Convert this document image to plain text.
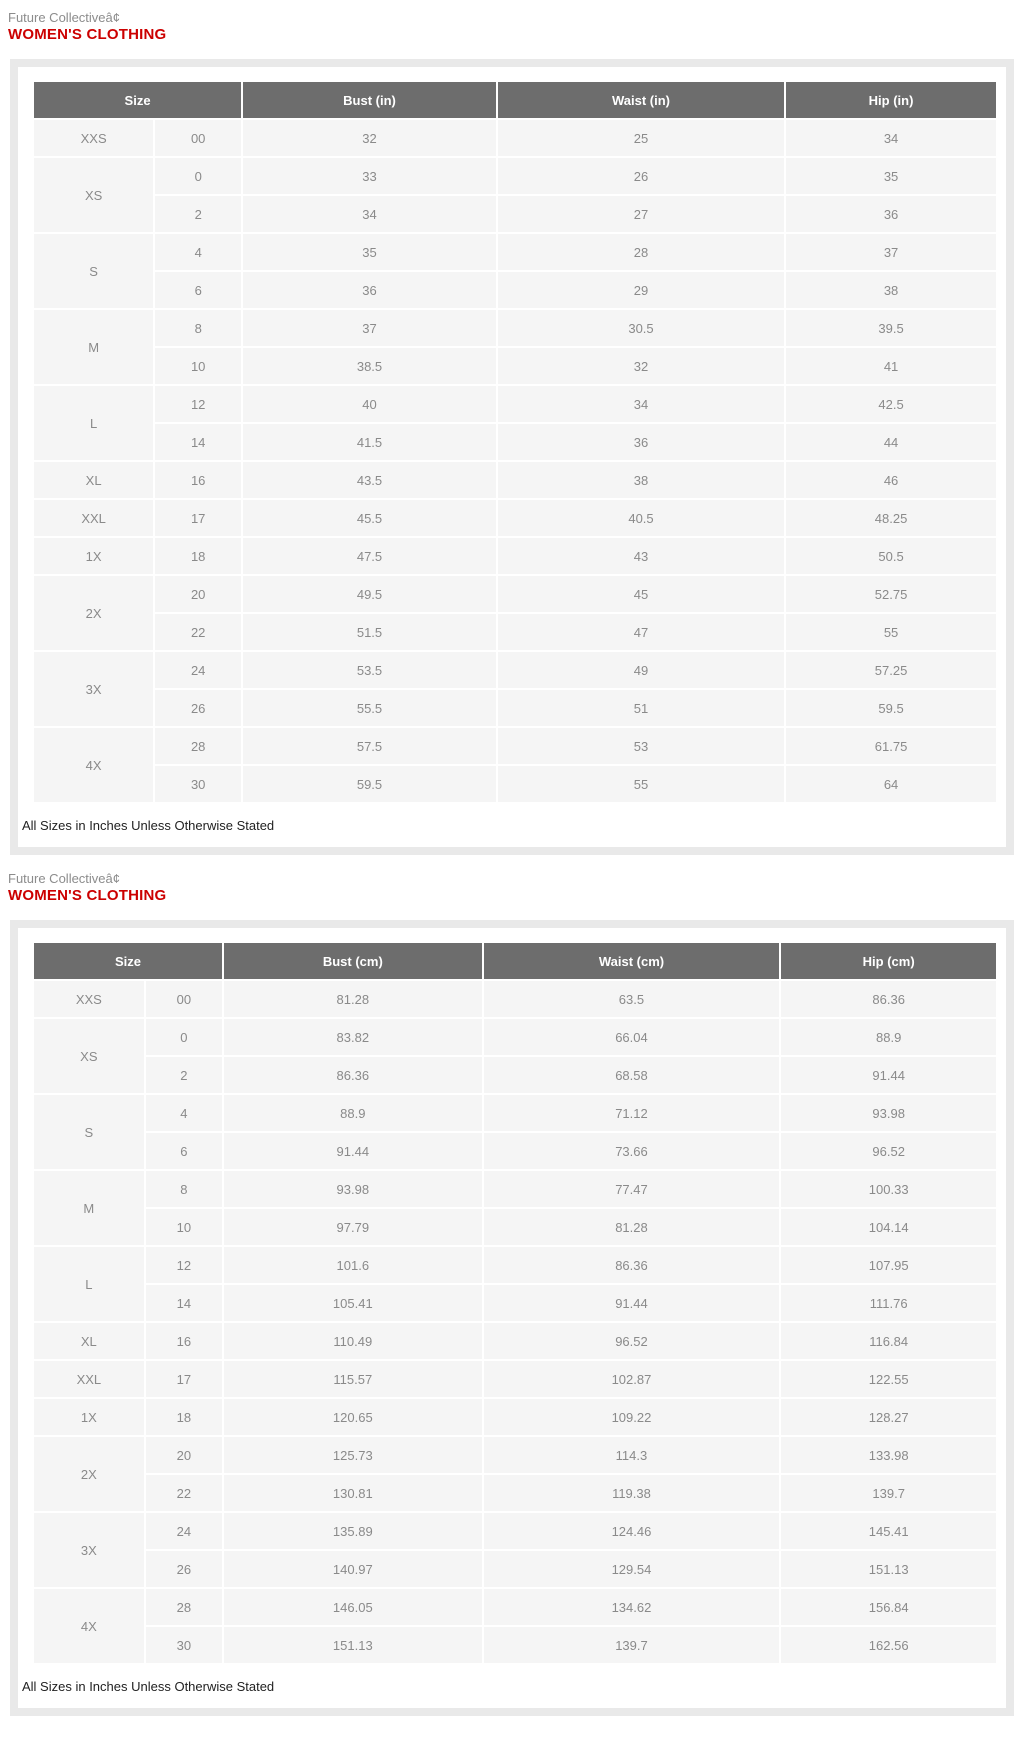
Future Collectiveâ¢
WOMEN'S CLOTHING
Size		Bust (in)	Waist (in)	Hip (in)
XXS	00	32	25	34
XS	0	33	26	35
	2	34	27	36
S	4	35	28	37
	6	36	29	38
M	8	37	30.5	39.5
	10	38.5	32	41
L	12	40	34	42.5
	14	41.5	36	44
XL	16	43.5	38	46
XXL	17	45.5	40.5	48.25
1X	18	47.5	43	50.5
2X	20	49.5	45	52.75
	22	51.5	47	55
3X	24	53.5	49	57.25
	26	55.5	51	59.5
4X	28	57.5	53	61.75
	30	59.5	55	64
All Sizes in Inches Unless Otherwise Stated
Future Collectiveâ¢
WOMEN'S CLOTHING
Size		Bust (cm)	Waist (cm)	Hip (cm)
XXS	00	81.28	63.5	86.36
XS	0	83.82	66.04	88.9
	2	86.36	68.58	91.44
S	4	88.9	71.12	93.98
	6	91.44	73.66	96.52
M	8	93.98	77.47	100.33
	10	97.79	81.28	104.14
L	12	101.6	86.36	107.95
	14	105.41	91.44	111.76
XL	16	110.49	96.52	116.84
XXL	17	115.57	102.87	122.55
1X	18	120.65	109.22	128.27
2X	20	125.73	114.3	133.98
	22	130.81	119.38	139.7
3X	24	135.89	124.46	145.41
	26	140.97	129.54	151.13
4X	28	146.05	134.62	156.84
	30	151.13	139.7	162.56
All Sizes in Inches Unless Otherwise Stated
